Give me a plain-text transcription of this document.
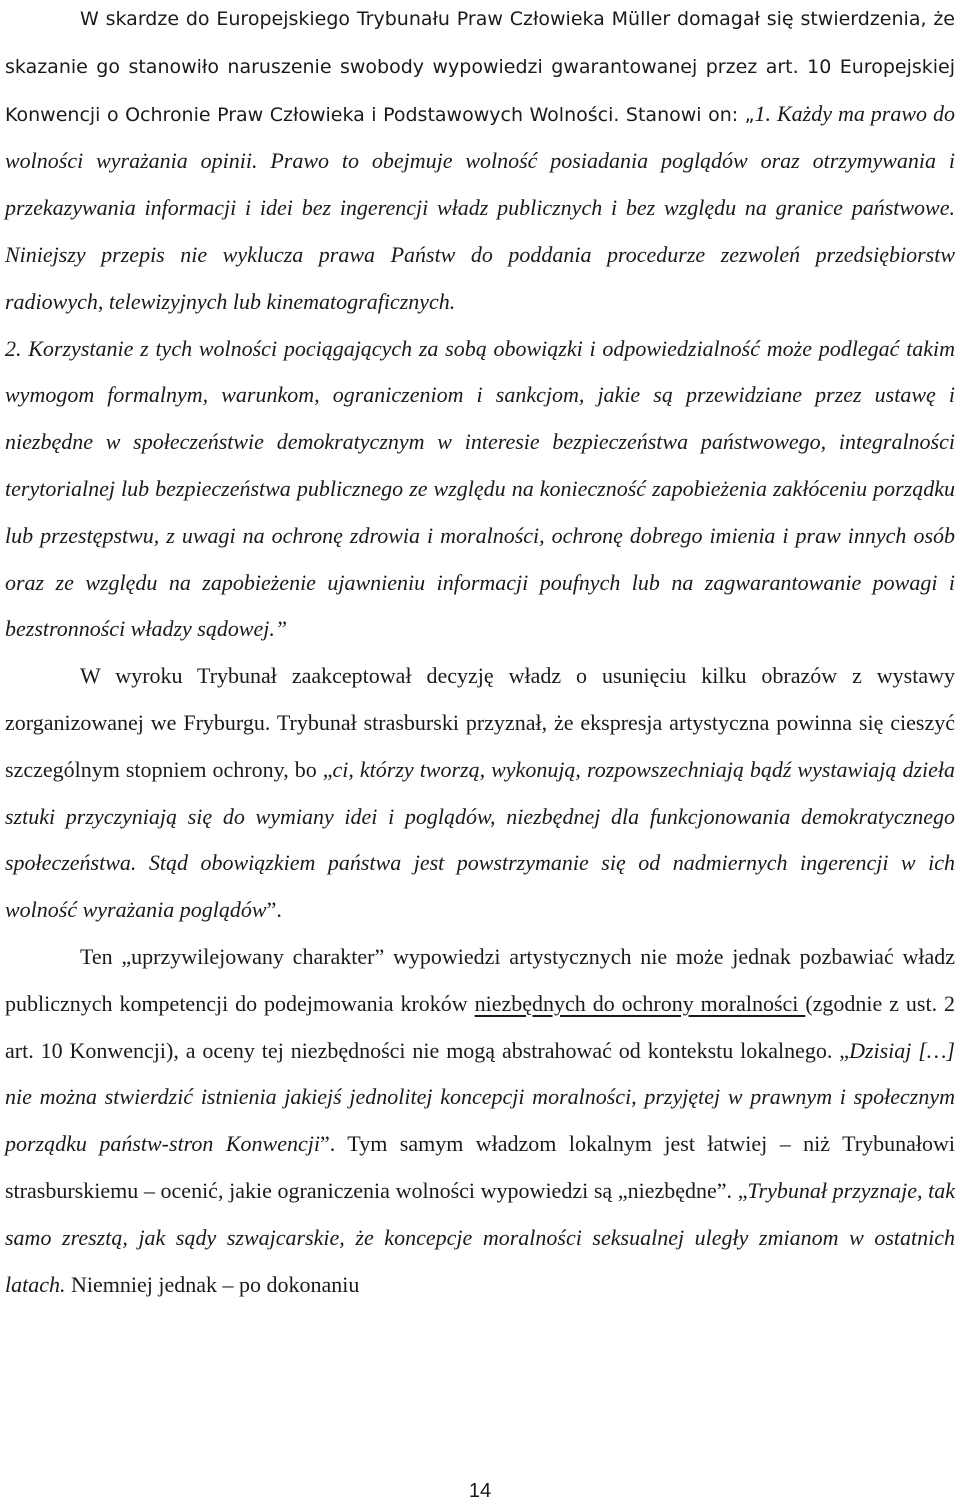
W skardze do Europejskiego Trybunału Praw Człowieka Müller domagał się stwierdzenia, że skazanie go stanowiło naruszenie swobody wypowiedzi gwarantowanej przez art. 10 Europejskiej Konwencji o Ochronie Praw Człowieka i Podstawowych Wolności. Stanowi on: „1. Każdy ma prawo do wolności wyrażania opinii. Prawo to obejmuje wolność posiadania poglądów oraz otrzymywania i przekazywania informacji i idei bez ingerencji władz publicznych i bez względu na granice państwowe. Niniejszy przepis nie wyklucza prawa Państw do poddania procedurze zezwoleń przedsiębiorstw radiowych, telewizyjnych lub kinematograficznych.

2. Korzystanie z tych wolności pociągających za sobą obowiązki i odpowiedzialność może podlegać takim wymogom formalnym, warunkom, ograniczeniom i sankcjom, jakie są przewidziane przez ustawę i niezbędne w społeczeństwie demokratycznym w interesie bezpieczeństwa państwowego, integralności terytorialnej lub bezpieczeństwa publicznego ze względu na konieczność zapobieżenia zakłóceniu porządku lub przestępstwu, z uwagi na ochronę zdrowia i moralności, ochronę dobrego imienia i praw innych osób oraz ze względu na zapobieżenie ujawnieniu informacji poufnych lub na zagwarantowanie powagi i bezstronności władzy sądowej.”

W wyroku Trybunał zaakceptował decyzję władz o usunięciu kilku obrazów z wystawy zorganizowanej we Fryburgu. Trybunał strasburski przyznał, że ekspresja artystyczna powinna się cieszyć szczególnym stopniem ochrony, bo „ci, którzy tworzą, wykonują, rozpowszechniają bądź wystawiają dzieła sztuki przyczyniają się do wymiany idei i poglądów, niezbędnej dla funkcjonowania demokratycznego społeczeństwa. Stąd obowiązkiem państwa jest powstrzymanie się od nadmiernych ingerencji w ich wolność wyrażania poglądów”.

Ten „uprzywilejowany charakter” wypowiedzi artystycznych nie może jednak pozbawiać władz publicznych kompetencji do podejmowania kroków niezbędnych do ochrony moralności (zgodnie z ust. 2 art. 10 Konwencji), a oceny tej niezbędności nie mogą abstrahować od kontekstu lokalnego. „Dzisiaj […] nie można stwierdzić istnienia jakiejś jednolitej koncepcji moralności, przyjętej w prawnym i społecznym porządku państw-stron Konwencji”. Tym samym władzom lokalnym jest łatwiej – niż Trybunałowi strasburskiemu – ocenić, jakie ograniczenia wolności wypowiedzi są „niezbędne”. „Trybunał przyznaje, tak samo zresztą, jak sądy szwajcarskie, że koncepcje moralności seksualnej uległy zmianom w ostatnich latach. Niemniej jednak – po dokonaniu

14
